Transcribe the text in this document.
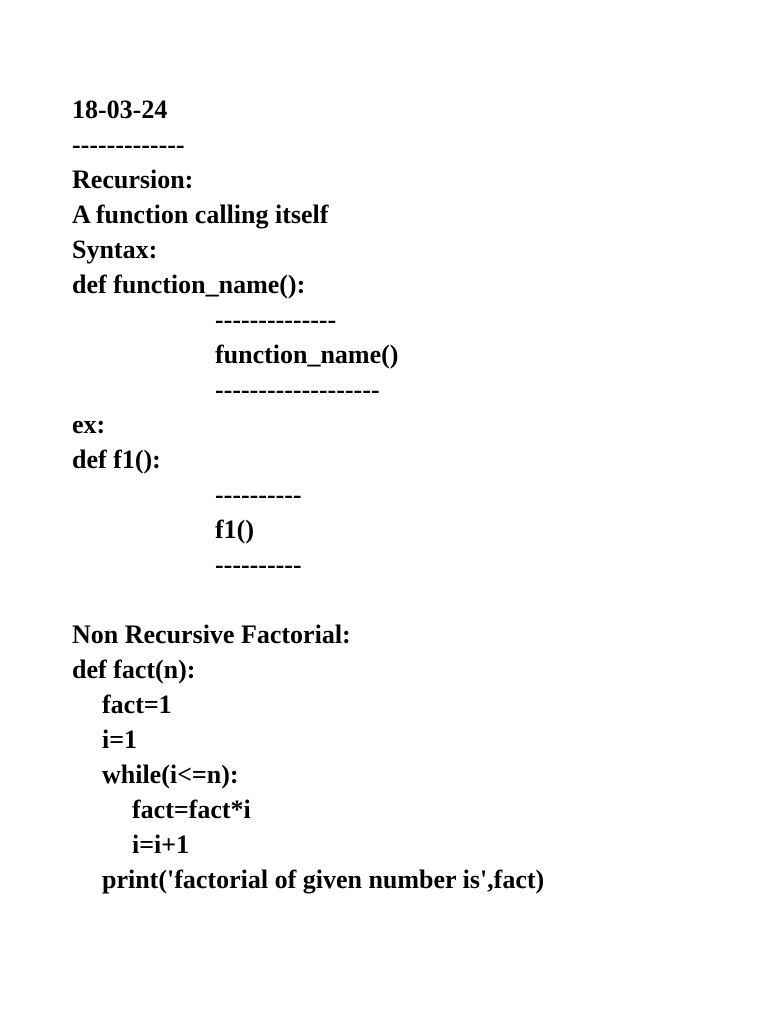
18-03-24
-------------
Recursion:
A function calling itself
Syntax:
def function_name():
--------------
function_name()
-------------------
ex:
def f1():
----------
f1()
----------
Non Recursive Factorial:
def fact(n):
fact=1
i=1
while(i<=n):
fact=fact*i
i=i+1
print('factorial of given number is',fact)
